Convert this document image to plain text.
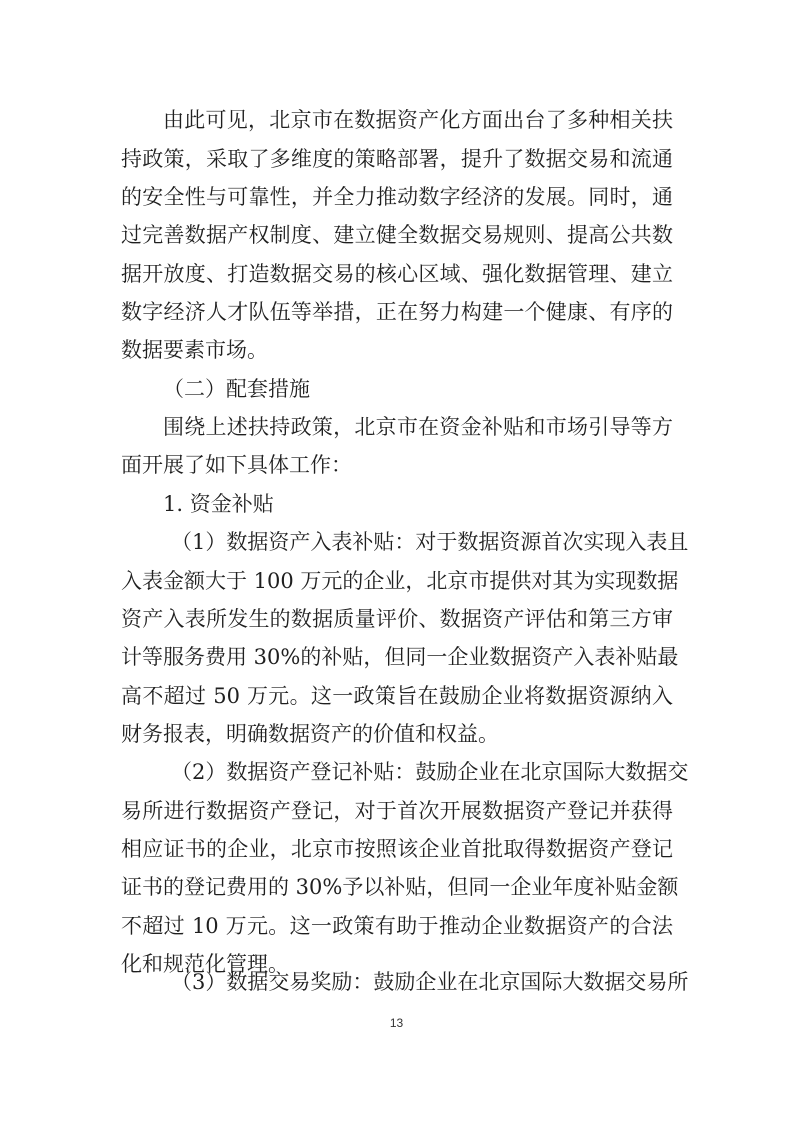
由此可见，北京市在数据资产化方面出台了多种相关扶
持政策，采取了多维度的策略部署，提升了数据交易和流通
的安全性与可靠性，并全力推动数字经济的发展。同时，通
过完善数据产权制度、建立健全数据交易规则、提高公共数
据开放度、打造数据交易的核心区域、强化数据管理、建立
数字经济人才队伍等举措，正在努力构建一个健康、有序的
数据要素市场。
（二）配套措施
围绕上述扶持政策，北京市在资金补贴和市场引导等方
面开展了如下具体工作：
1. 资金补贴
（1）数据资产入表补贴：对于数据资源首次实现入表且
入表金额大于 100 万元的企业，北京市提供对其为实现数据
资产入表所发生的数据质量评价、数据资产评估和第三方审
计等服务费用 30%的补贴，但同一企业数据资产入表补贴最
高不超过 50 万元。这一政策旨在鼓励企业将数据资源纳入
财务报表，明确数据资产的价值和权益。
（2）数据资产登记补贴：鼓励企业在北京国际大数据交
易所进行数据资产登记，对于首次开展数据资产登记并获得
相应证书的企业，北京市按照该企业首批取得数据资产登记
证书的登记费用的 30%予以补贴，但同一企业年度补贴金额
不超过 10 万元。这一政策有助于推动企业数据资产的合法
化和规范化管理。
（3）数据交易奖励：鼓励企业在北京国际大数据交易所
13
